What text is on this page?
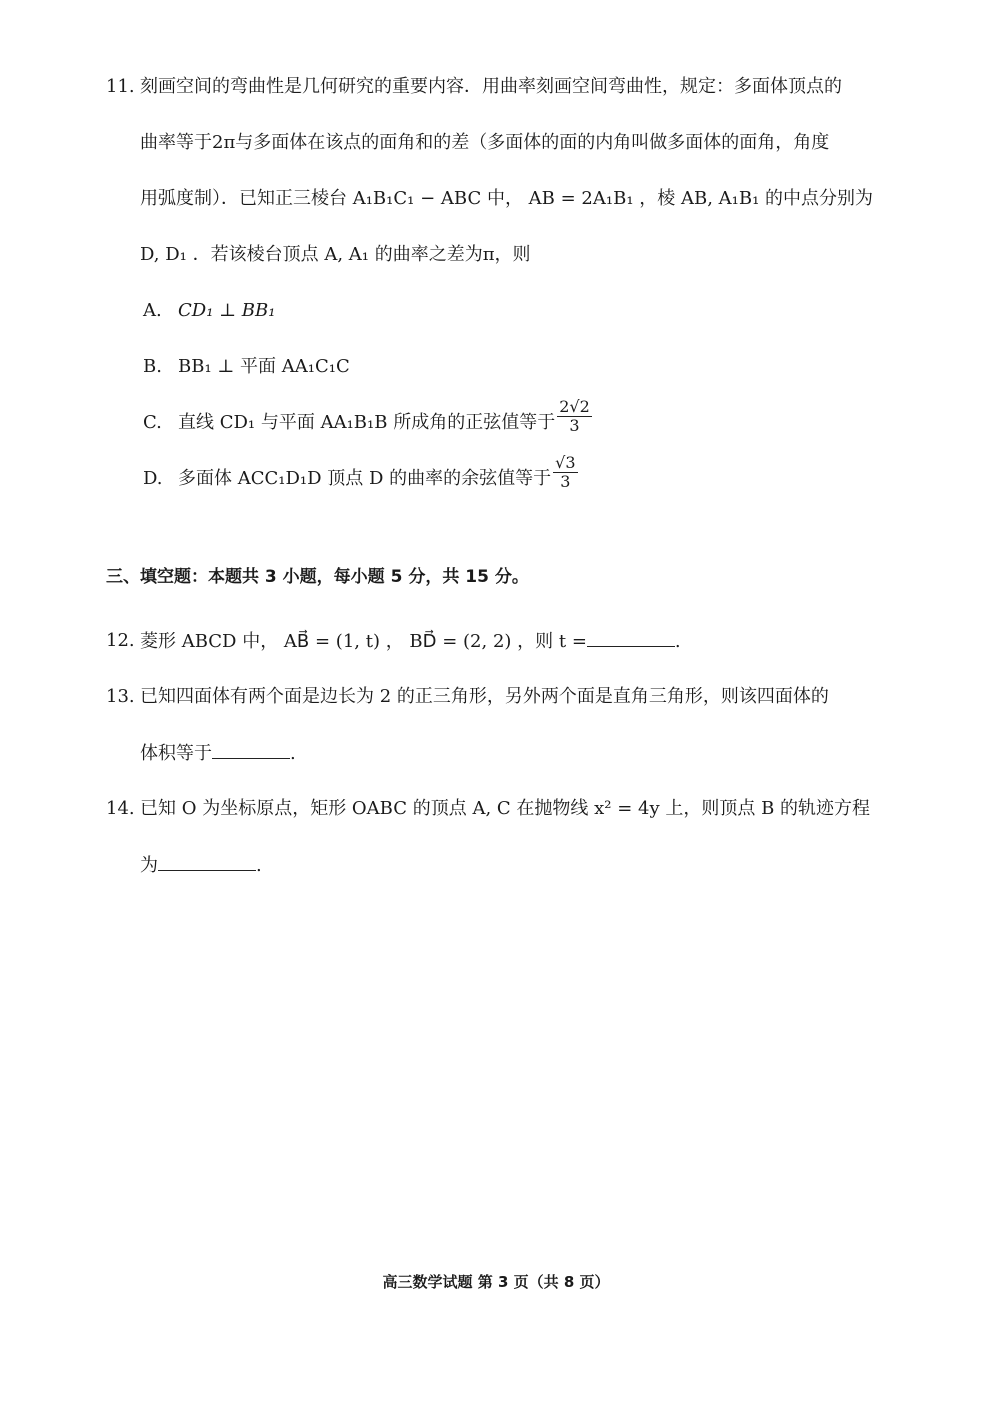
11. 刻画空间的弯曲性是几何研究的重要内容．用曲率刻画空间弯曲性，规定：多面体顶点的
曲率等于2π与多面体在该点的面角和的差（多面体的面的内角叫做多面体的面角，角度
用弧度制）．已知正三棱台 A₁B₁C₁ − ABC 中， AB = 2A₁B₁ ，棱 AB, A₁B₁ 的中点分别为
D, D₁ ．若该棱台顶点 A, A₁ 的曲率之差为π，则
A. CD₁ ⊥ BB₁
B. BB₁ ⊥ 平面 AA₁C₁C
C. 直线 CD₁ 与平面 AA₁B₁B 所成角的正弦值等于 $\frac{2√2}{3}$
D. 多面体 ACC₁D₁D 顶点 D 的曲率的余弦值等于 $\frac{√3}{3}$
三、填空题：本题共 3 小题，每小题 5 分，共 15 分。
12. 菱形 ABCD 中， AB⃗ = (1, t) ， BD⃗ = (2, 2) ，则 t =	.
13. 已知四面体有两个面是边长为 2 的正三角形，另外两个面是直角三角形，则该四面体的
体积等于	.
14. 已知 O 为坐标原点，矩形 OABC 的顶点 A, C 在抛物线 x² = 4y 上，则顶点 B 的轨迹方程
为	.
高三数学试题 第 3 页（共 8 页）
